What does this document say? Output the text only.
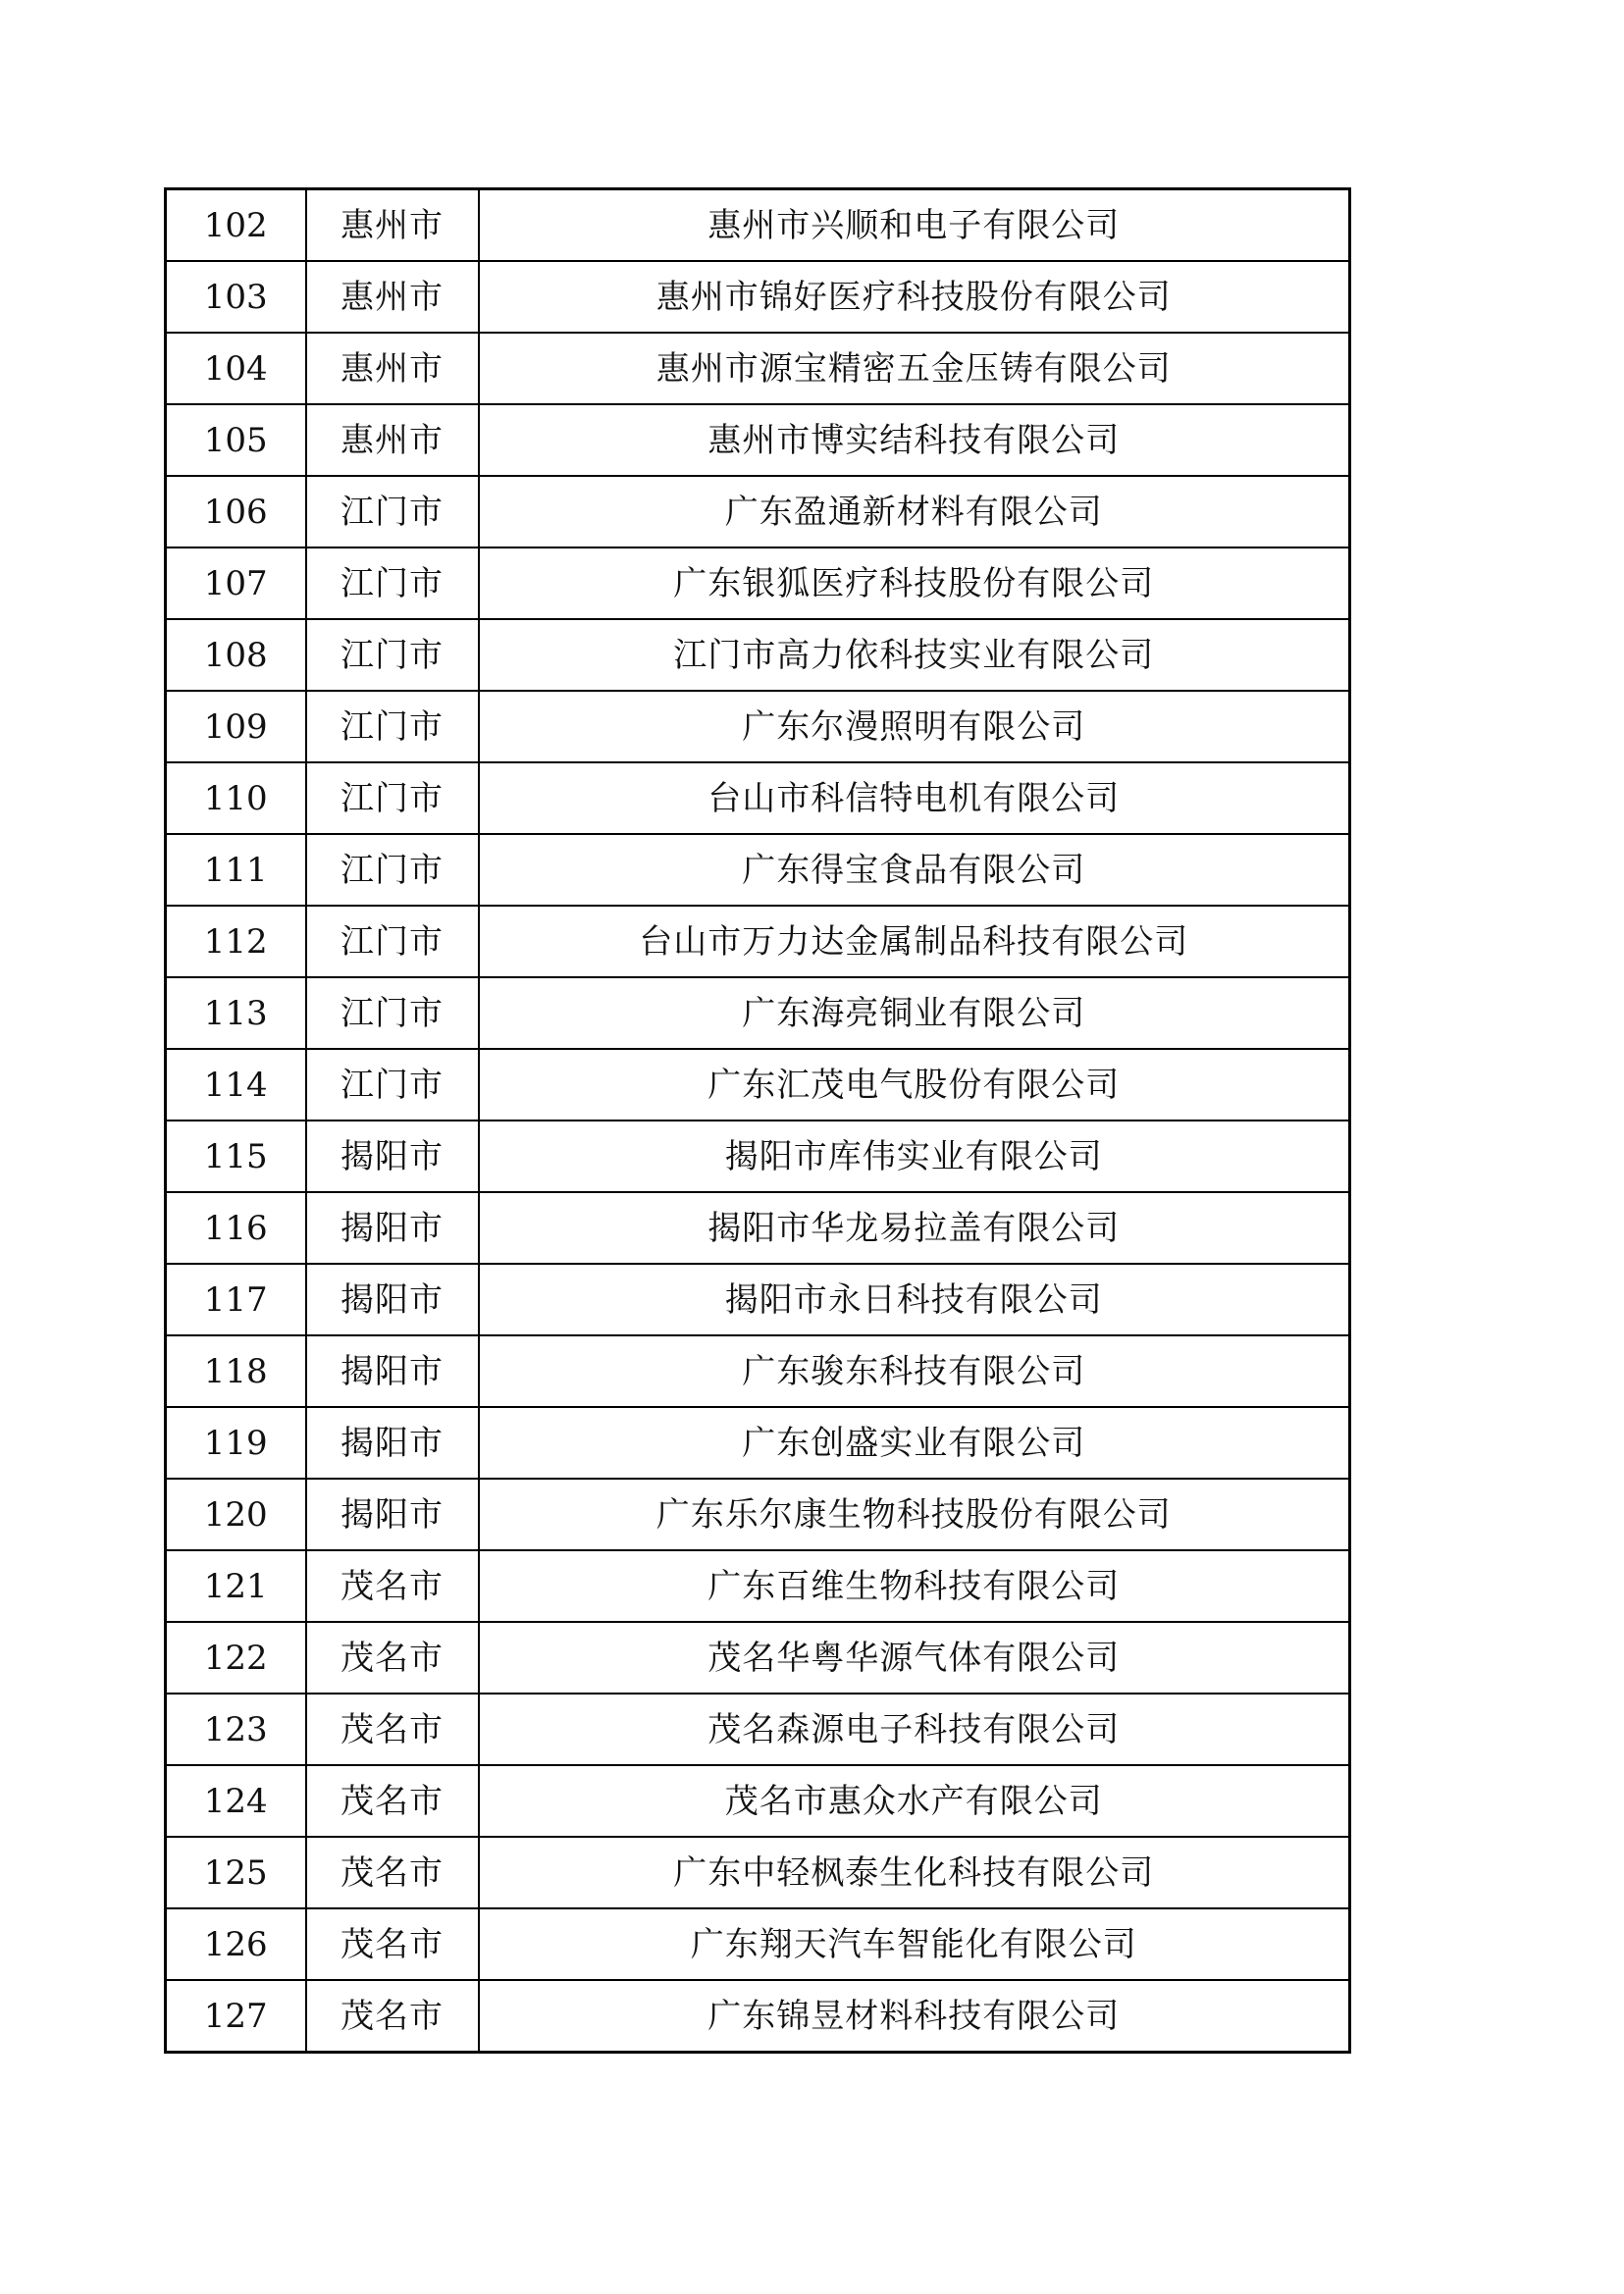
102	惠州市	惠州市兴顺和电子有限公司
103	惠州市	惠州市锦好医疗科技股份有限公司
104	惠州市	惠州市源宝精密五金压铸有限公司
105	惠州市	惠州市博实结科技有限公司
106	江门市	广东盈通新材料有限公司
107	江门市	广东银狐医疗科技股份有限公司
108	江门市	江门市高力依科技实业有限公司
109	江门市	广东尔漫照明有限公司
110	江门市	台山市科信特电机有限公司
111	江门市	广东得宝食品有限公司
112	江门市	台山市万力达金属制品科技有限公司
113	江门市	广东海亮铜业有限公司
114	江门市	广东汇茂电气股份有限公司
115	揭阳市	揭阳市库伟实业有限公司
116	揭阳市	揭阳市华龙易拉盖有限公司
117	揭阳市	揭阳市永日科技有限公司
118	揭阳市	广东骏东科技有限公司
119	揭阳市	广东创盛实业有限公司
120	揭阳市	广东乐尔康生物科技股份有限公司
121	茂名市	广东百维生物科技有限公司
122	茂名市	茂名华粤华源气体有限公司
123	茂名市	茂名森源电子科技有限公司
124	茂名市	茂名市惠众水产有限公司
125	茂名市	广东中轻枫泰生化科技有限公司
126	茂名市	广东翔天汽车智能化有限公司
127	茂名市	广东锦昱材料科技有限公司
